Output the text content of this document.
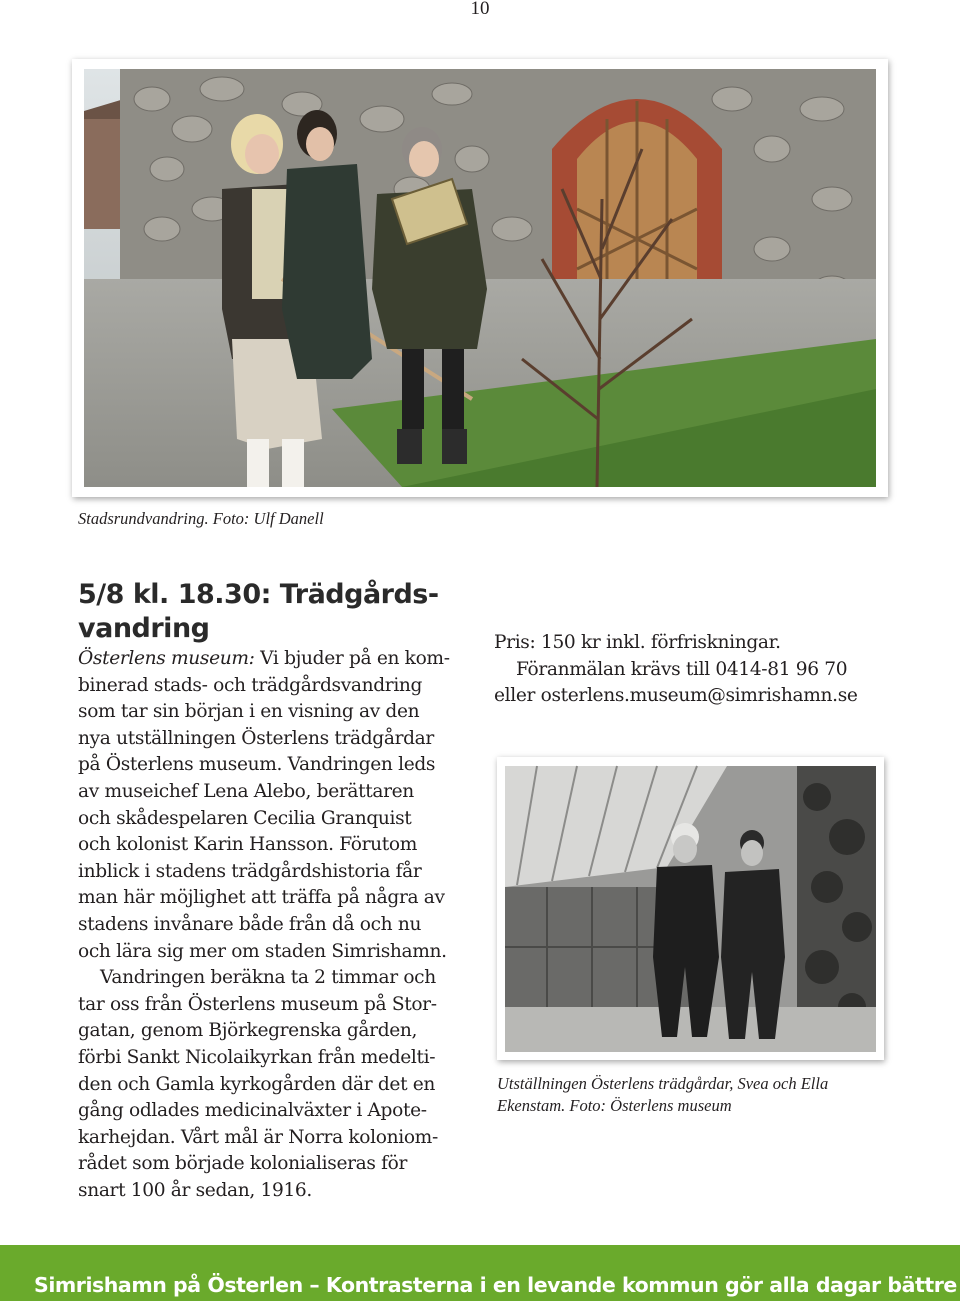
10
Stadsrundvandring. Foto: Ulf Danell
5/8 kl. 18.30: Trädgårds-
vandring

Österlens museum: Vi bjuder på en kom-
binerad stads- och trädgårdsvandring
som tar sin början i en visning av den
nya utställningen Österlens trädgårdar
på Österlens museum. Vandringen leds
av museichef Lena Alebo, berättaren
och skådespelaren Cecilia Granquist
och kolonist Karin Hansson. Förutom
inblick i stadens trädgårdshistoria får
man här möjlighet att träffa på några av
stadens invånare både från då och nu
och lära sig mer om staden Simrishamn.

Vandringen beräkna ta 2 timmar och
tar oss från Österlens museum på Stor-
gatan, genom Björkegrenska gården,
förbi Sankt Nicolaikyrkan från medelti-
den och Gamla kyrkogården där det en
gång odlades medicinalväxter i Apote-
karhejdan. Vårt mål är Norra koloniom-
rådet som började kolonialiseras för
snart 100 år sedan, 1916.

Pris: 150 kr inkl. förfriskningar.
Föranmälan krävs till 0414-81 96 70
eller osterlens.museum@simrishamn.se
Utställningen Österlens trädgårdar, Svea och Ella
Ekenstam. Foto: Österlens museum
Simrishamn på Österlen – Kontrasterna i en levande kommun gör alla dagar bättre
